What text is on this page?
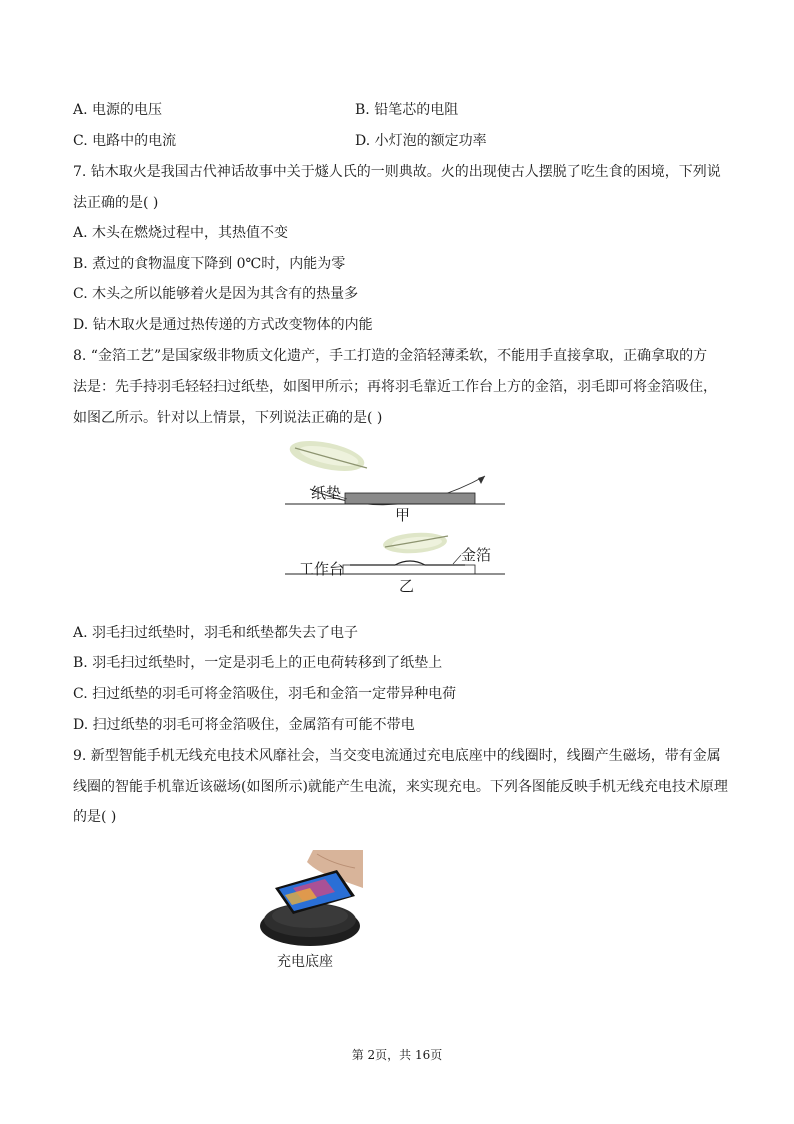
A. 电源的电压	B. 铅笔芯的电阻
C. 电路中的电流	D. 小灯泡的额定功率
7. 钻木取火是我国古代神话故事中关于燧人氏的一则典故。火的出现使古人摆脱了吃生食的困境，下列说
法正确的是( )
A. 木头在燃烧过程中，其热值不变
B. 煮过的食物温度下降到 0℃时，内能为零
C. 木头之所以能够着火是因为其含有的热量多
D. 钻木取火是通过热传递的方式改变物体的内能
8. “金箔工艺”是国家级非物质文化遗产，手工打造的金箔轻薄柔软，不能用手直接拿取，正确拿取的方
法是：先手持羽毛轻轻扫过纸垫，如图甲所示；再将羽毛靠近工作台上方的金箔，羽毛即可将金箔吸住，
如图乙所示。针对以上情景，下列说法正确的是( )
纸垫
甲
工作台
金箔
乙
A. 羽毛扫过纸垫时，羽毛和纸垫都失去了电子
B. 羽毛扫过纸垫时，一定是羽毛上的正电荷转移到了纸垫上
C. 扫过纸垫的羽毛可将金箔吸住，羽毛和金箔一定带异种电荷
D. 扫过纸垫的羽毛可将金箔吸住，金属箔有可能不带电
9. 新型智能手机无线充电技术风靡社会，当交变电流通过充电底座中的线圈时，线圈产生磁场，带有金属
线圈的智能手机靠近该磁场(如图所示)就能产生电流，来实现充电。下列各图能反映手机无线充电技术原理
的是( )
充电底座
第 2页，共 16页
